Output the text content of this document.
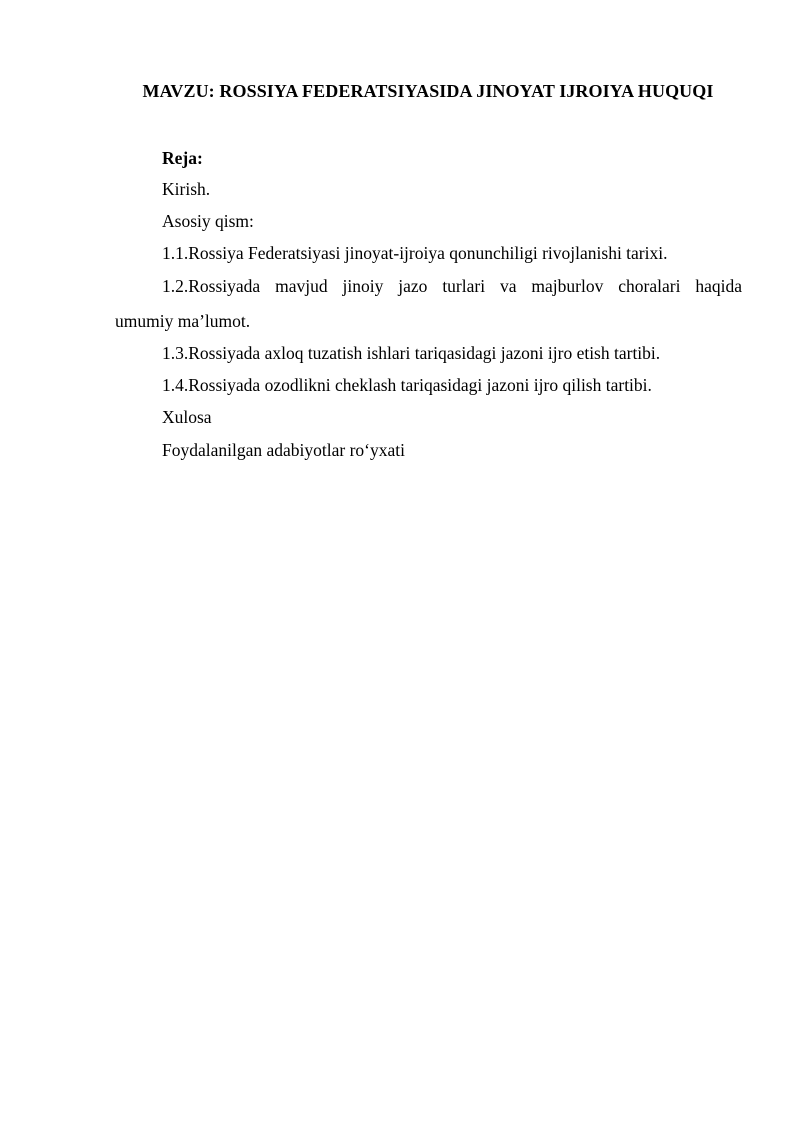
MAVZU: ROSSIYA FEDERATSIYASIDA JINOYAT IJROIYA HUQUQI
Reja:
Kirish.
Asosiy qism:
1.1.Rossiya Federatsiyasi jinoyat-ijroiya qonunchiligi rivojlanishi tarixi.
1.2.Rossiyada mavjud jinoiy jazo turlari va majburlov choralari haqida
umumiy ma’lumot.
1.3.Rossiyada axloq tuzatish ishlari tariqasidagi jazoni ijro etish tartibi.
1.4.Rossiyada ozodlikni cheklash tariqasidagi jazoni ijro qilish tartibi.
Xulosa
Foydalanilgan adabiyotlar ro‘yxati
